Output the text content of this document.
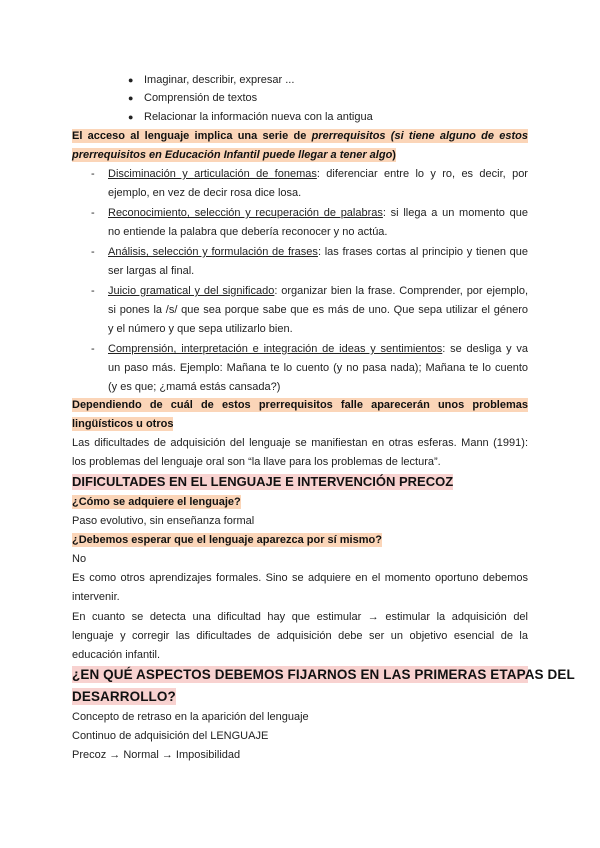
● Imaginar, describir, expresar ...
● Comprensión de textos
● Relacionar la información nueva con la antigua
El acceso al lenguaje implica una serie de prerrequisitos (si tiene alguno de estos
prerrequisitos en Educación Infantil puede llegar a tener algo)
- Disciminación y articulación de fonemas: diferenciar entre lo y ro, es decir, por
ejemplo, en vez de decir rosa dice losa.
- Reconocimiento, selección y recuperación de palabras: si llega a un momento que
no entiende la palabra que debería reconocer y no actúa.
- Análisis, selección y formulación de frases: las frases cortas al principio y tienen que
ser largas al final.
- Juicio gramatical y del significado: organizar bien la frase. Comprender, por ejemplo,
si pones la /s/ que sea porque sabe que es más de uno. Que sepa utilizar el género
y el número y que sepa utilizarlo bien.
- Comprensión, interpretación e integración de ideas y sentimientos: se desliga y va
un paso más. Ejemplo: Mañana te lo cuento (y no pasa nada); Mañana te lo cuento
(y es que; ¿mamá estás cansada?)
Dependiendo de cuál de estos prerrequisitos falle aparecerán unos problemas
lingüísticos u otros
Las dificultades de adquisición del lenguaje se manifiestan en otras esferas. Mann (1991):
los problemas del lenguaje oral son “la llave para los problemas de lectura”.
DIFICULTADES EN EL LENGUAJE E INTERVENCIÓN PRECOZ
¿Cómo se adquiere el lenguaje?
Paso evolutivo, sin enseñanza formal
¿Debemos esperar que el lenguaje aparezca por sí mismo?
No
Es como otros aprendizajes formales. Sino se adquiere en el momento oportuno debemos
intervenir.
En cuanto se detecta una dificultad hay que estimular → estimular la adquisición del
lenguaje y corregir las dificultades de adquisición debe ser un objetivo esencial de la
educación infantil.
¿EN QUÉ ASPECTOS DEBEMOS FIJARNOS EN LAS PRIMERAS ETAPAS DEL
DESARROLLO?
Concepto de retraso en la aparición del lenguaje
Continuo de adquisición del LENGUAJE
Precoz → Normal → Imposibilidad
